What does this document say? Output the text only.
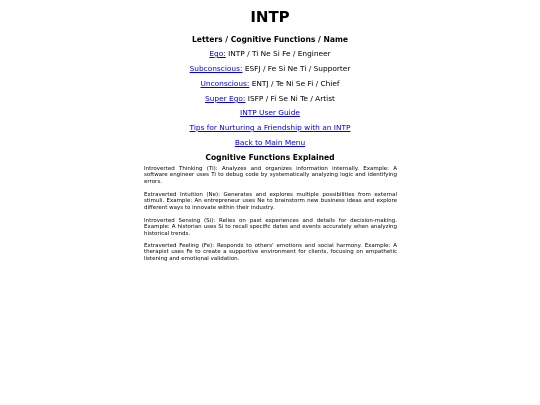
INTP
Letters / Cognitive Functions / Name
Ego: INTP / Ti Ne Si Fe / Engineer
Subconscious: ESFJ / Fe Si Ne Ti / Supporter
Unconscious: ENTJ / Te Ni Se Fi / Chief
Super Ego: ISFP / Fi Se Ni Te / Artist
INTP User Guide
Tips for Nurturing a Friendship with an INTP
Back to Main Menu
Cognitive Functions Explained
Introverted Thinking (Ti): Analyzes and organizes information internally. Example: A software engineer uses Ti to debug code by systematically analyzing logic and identifying errors.
Extraverted Intuition (Ne): Generates and explores multiple possibilities from external stimuli. Example: An entrepreneur uses Ne to brainstorm new business ideas and explore different ways to innovate within their industry.
Introverted Sensing (Si): Relies on past experiences and details for decision-making. Example: A historian uses Si to recall specific dates and events accurately when analyzing historical trends.
Extraverted Feeling (Fe): Responds to others' emotions and social harmony. Example: A therapist uses Fe to create a supportive environment for clients, focusing on empathetic listening and emotional validation.
